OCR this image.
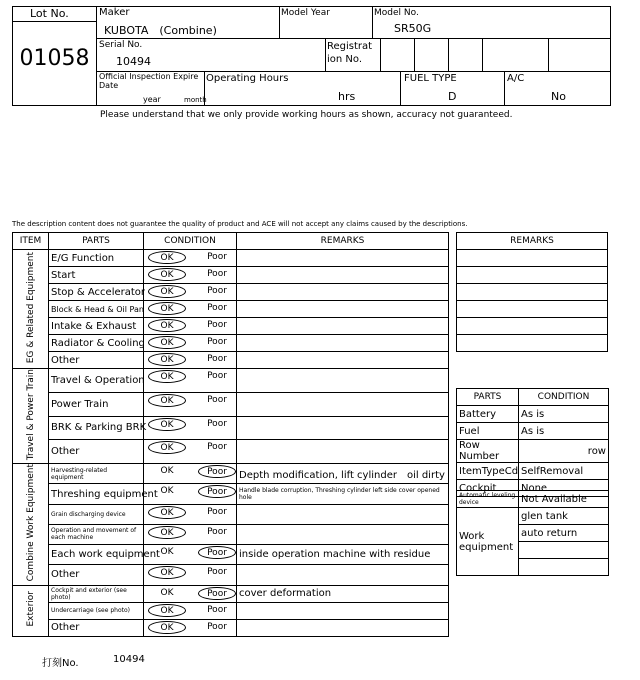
Lot No.
01058
Maker
KUBOTA　(Combine)
Model Year	Model No.
SR50G
Serial No.
10494
Registrat ion No.
Official Inspection Expire Date
year	month
Operating Hours
hrs
FUEL TYPE
D
A/C
No
Please understand that we only provide working hours as shown, accuracy not guaranteed.
The description content does not guarantee the quality of product and ACE will not accept any claims caused by the descriptions.
ITEM	PARTS	CONDITION	REMARKS
EG & Related Equipment	E/G Function	OK Poor	

	Start	OK Poor	

	Stop & Accelerator	OK Poor	

	Block & Head & Oil Pan	OK Poor	

	Intake & Exhaust	OK Poor	

	Radiator & Cooling	OK Poor	

	Other	OK Poor	

Travel & Power Train	Travel & Operation	OK Poor	

	Power Train	OK Poor	

	BRK & Parking BRK	OK Poor	

	Other	OK Poor	

Combine Work Equipment	Harvesting-related equipment	OK Poor	Depth modification, lift cylinder　oil dirty
	Threshing equipment	OK Poor	Handle blade corruption, Threshing cylinder left side cover opened hole
	Grain discharging device	OK Poor	

	Operation and movement of each machine	OK Poor	

	Each work equipment	OK Poor	inside operation machine with residue
	Other	OK Poor	

Exterior	Cockpit and exterior (see photo)	OK Poor	cover deformation
	Undercarriage (see photo)	OK Poor	

	Other	OK Poor	

REMARKS

PARTS	CONDITION
Battery	As is
Fuel	As is
Row Number	row
ItemTypeCd	SelfRemoval
Cockpit	None
Automatic leveling device	Not Available
Work equipment	glen tank
	auto return

打刻No.	10494
